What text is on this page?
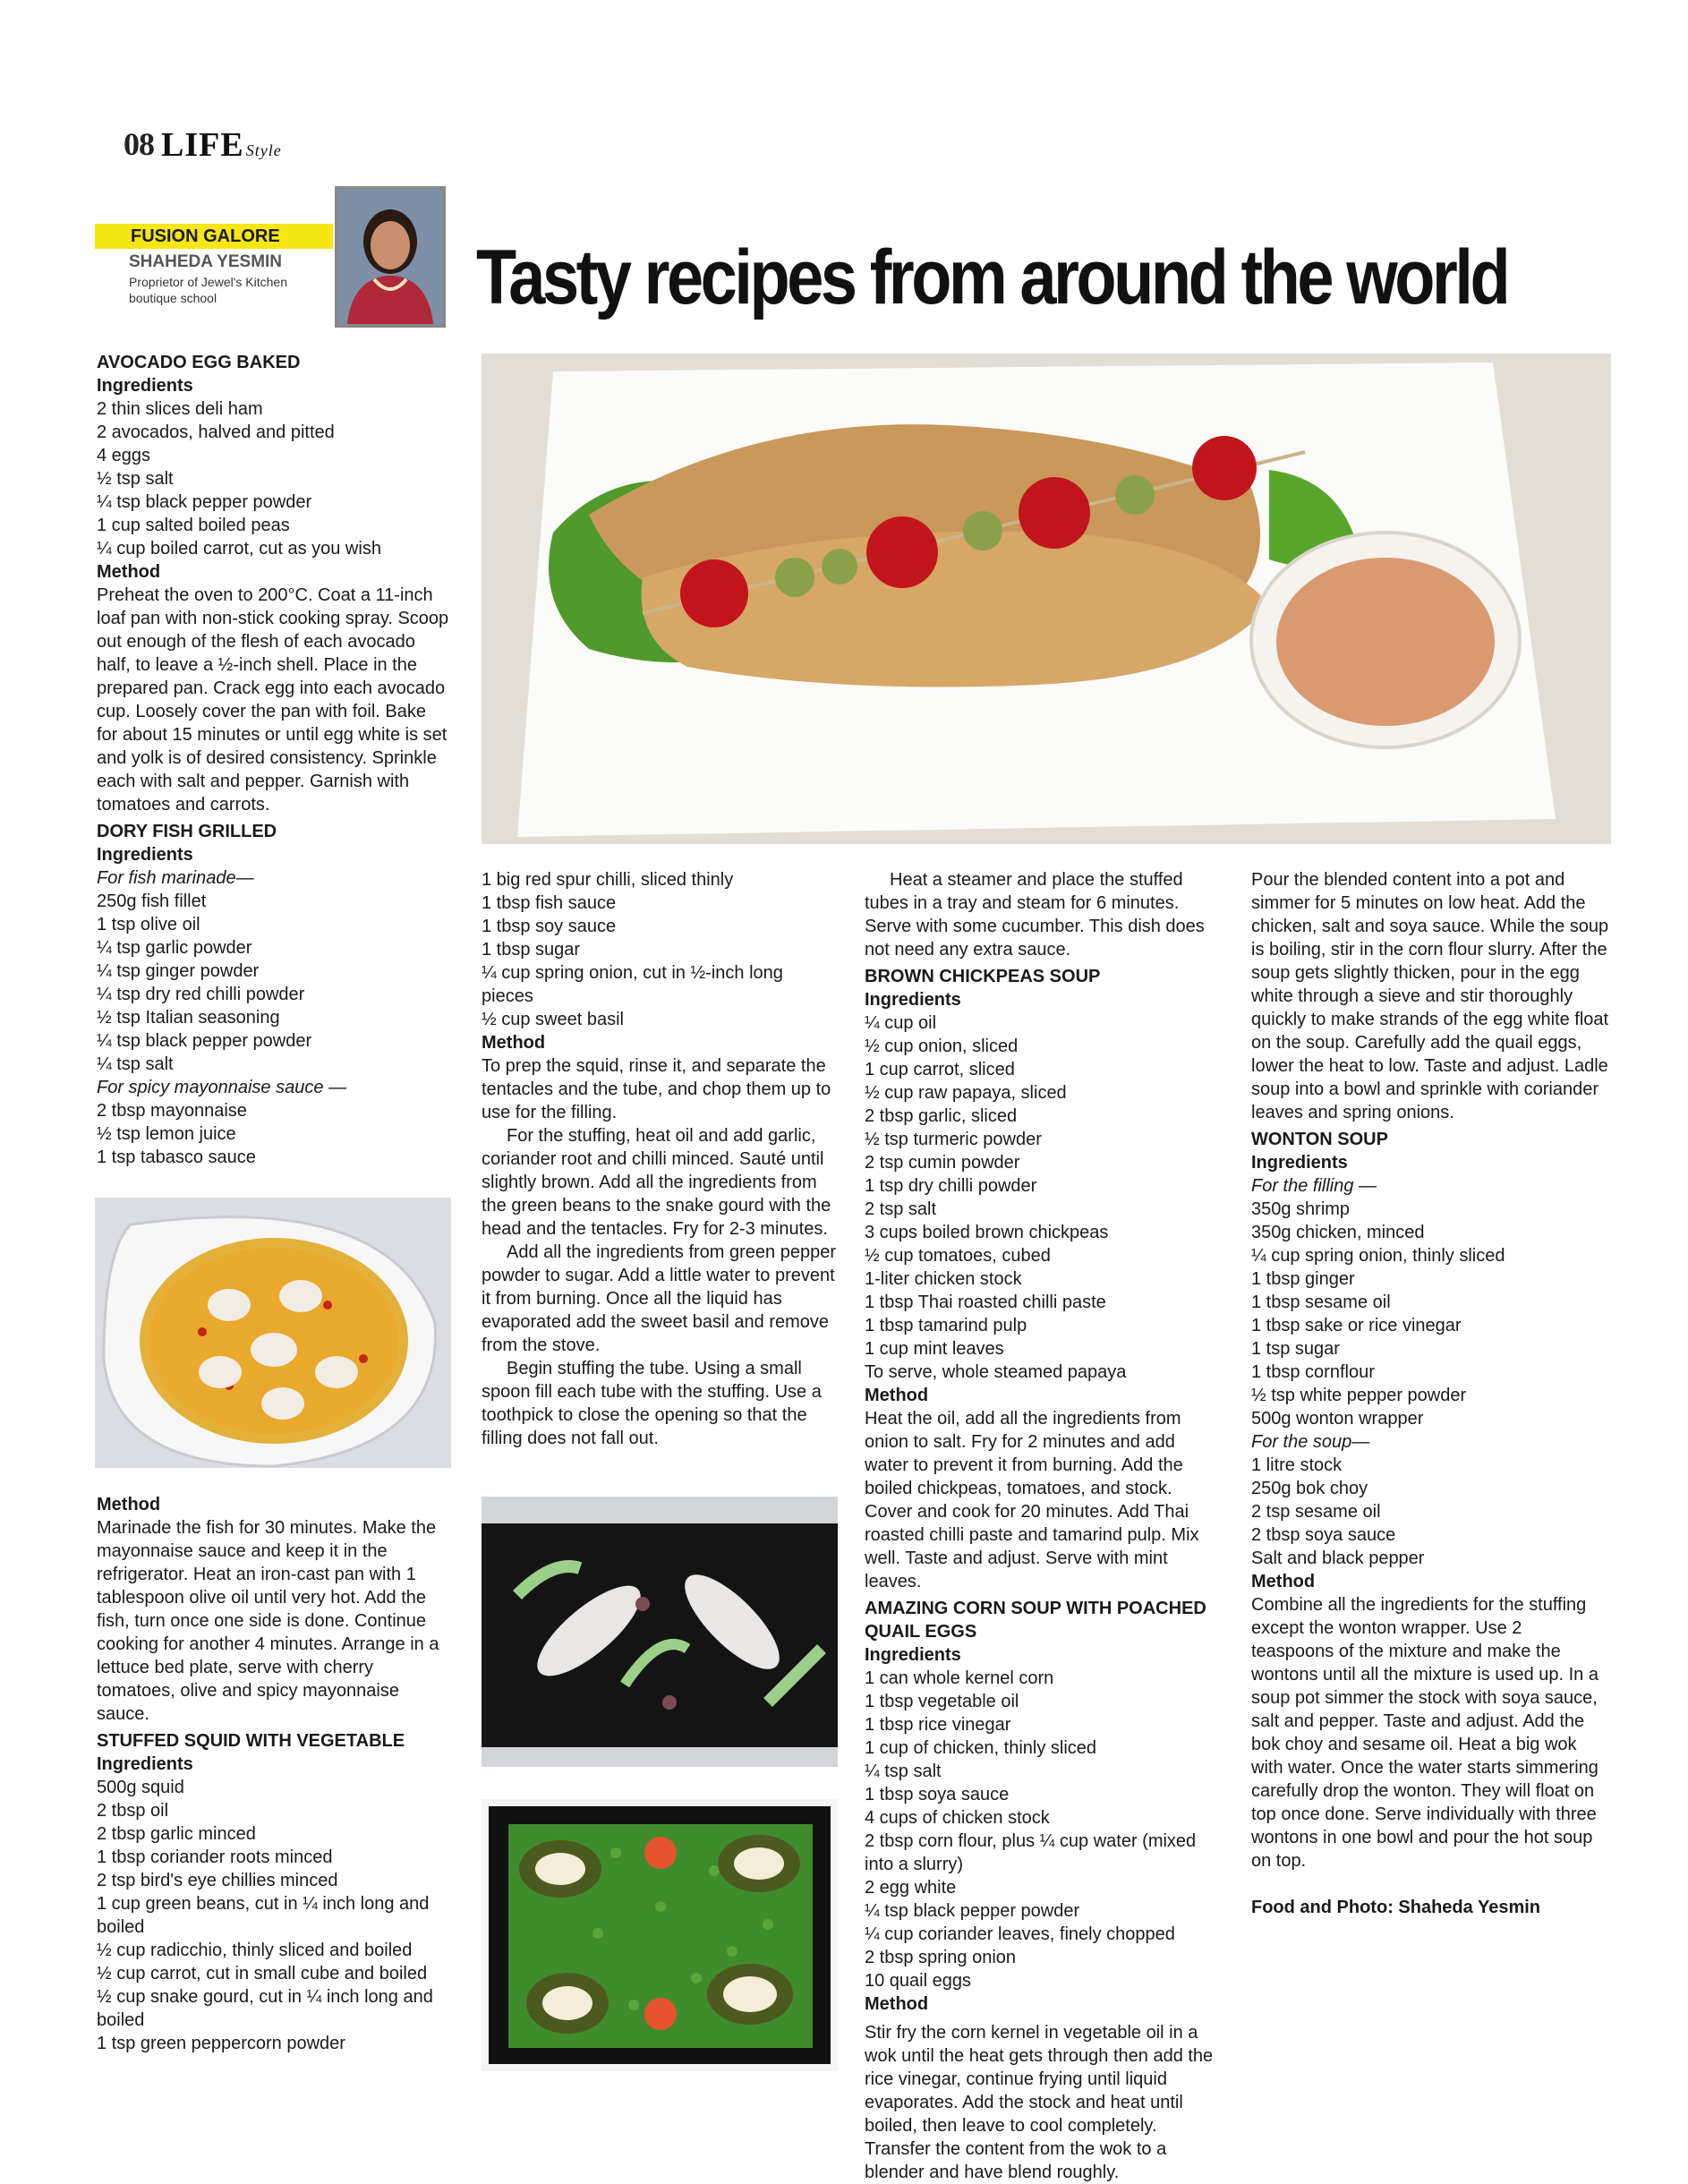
08 LIFE Style
FUSION GALORE
SHAHEDA YESMIN
Proprietor of Jewel's Kitchen boutique school	Tasty recipes from around the world
AVOCADO EGG BAKED
Ingredients
2 thin slices deli ham
2 avocados, halved and pitted
4 eggs
½ tsp salt
¼ tsp black pepper powder
1 cup salted boiled peas
¼ cup boiled carrot, cut as you wish
Method

Preheat the oven to 200°C. Coat a 11-inch loaf pan with non-stick cooking spray. Scoop out enough of the flesh of each avocado half, to leave a ½-inch shell. Place in the prepared pan. Crack egg into each avocado cup. Loosely cover the pan with foil. Bake for about 15 minutes or until egg white is set and yolk is of desired consistency. Sprinkle each with salt and pepper. Garnish with tomatoes and carrots.

DORY FISH GRILLED
Ingredients
For fish marinade—
250g fish fillet
1 tsp olive oil
¼ tsp garlic powder
¼ tsp ginger powder
¼ tsp dry red chilli powder
½ tsp Italian seasoning
¼ tsp black pepper powder
¼ tsp salt
For spicy mayonnaise sauce —
2 tbsp mayonnaise
½ tsp lemon juice
1 tsp tabasco sauce
Method

Marinade the fish for 30 minutes. Make the mayonnaise sauce and keep it in the refrigerator. Heat an iron-cast pan with 1 tablespoon olive oil until very hot. Add the fish, turn once one side is done. Continue cooking for another 4 minutes. Arrange in a lettuce bed plate, serve with cherry tomatoes, olive and spicy mayonnaise sauce.

STUFFED SQUID WITH VEGETABLE
Ingredients
500g squid
2 tbsp oil
2 tbsp garlic minced
1 tbsp coriander roots minced
2 tsp bird's eye chillies minced
1 cup green beans, cut in ¼ inch long and boiled
½ cup radicchio, thinly sliced and boiled
½ cup carrot, cut in small cube and boiled
½ cup snake gourd, cut in ¼ inch long and boiled
1 tsp green peppercorn powder
1 big red spur chilli, sliced thinly
1 tbsp fish sauce
1 tbsp soy sauce
1 tbsp sugar
¼ cup spring onion, cut in ½-inch long pieces
½ cup sweet basil
Method

To prep the squid, rinse it, and separate the tentacles and the tube, and chop them up to use for the filling.

For the stuffing, heat oil and add garlic, coriander root and chilli minced. Sauté until slightly brown. Add all the ingredients from the green beans to the snake gourd with the head and the tentacles. Fry for 2-3 minutes.

Add all the ingredients from green pepper powder to sugar. Add a little water to prevent it from burning. Once all the liquid has evaporated add the sweet basil and remove from the stove.

Begin stuffing the tube. Using a small spoon fill each tube with the stuffing. Use a toothpick to close the opening so that the filling does not fall out.

Heat a steamer and place the stuffed tubes in a tray and steam for 6 minutes. Serve with some cucumber. This dish does not need any extra sauce.

BROWN CHICKPEAS SOUP
Ingredients
¼ cup oil
½ cup onion, sliced
1 cup carrot, sliced
½ cup raw papaya, sliced
2 tbsp garlic, sliced
½ tsp turmeric powder
2 tsp cumin powder
1 tsp dry chilli powder
2 tsp salt
3 cups boiled brown chickpeas
½ cup tomatoes, cubed
1-liter chicken stock
1 tbsp Thai roasted chilli paste
1 tbsp tamarind pulp
1 cup mint leaves
To serve, whole steamed papaya
Method

Heat the oil, add all the ingredients from onion to salt. Fry for 2 minutes and add water to prevent it from burning. Add the boiled chickpeas, tomatoes, and stock. Cover and cook for 20 minutes. Add Thai roasted chilli paste and tamarind pulp. Mix well. Taste and adjust. Serve with mint leaves.

AMAZING CORN SOUP WITH POACHED QUAIL EGGS
Ingredients
1 can whole kernel corn
1 tbsp vegetable oil
1 tbsp rice vinegar
1 cup of chicken, thinly sliced
¼ tsp salt
1 tbsp soya sauce
4 cups of chicken stock
2 tbsp corn flour, plus ¼ cup water (mixed into a slurry)
2 egg white
¼ tsp black pepper powder
¼ cup coriander leaves, finely chopped
2 tbsp spring onion
10 quail eggs
Method

Stir fry the corn kernel in vegetable oil in a wok until the heat gets through then add the rice vinegar, continue frying until liquid evaporates. Add the stock and heat until boiled, then leave to cool completely. Transfer the content from the wok to a blender and have blend roughly.

Pour the blended content into a pot and simmer for 5 minutes on low heat. Add the chicken, salt and soya sauce. While the soup is boiling, stir in the corn flour slurry. After the soup gets slightly thicken, pour in the egg white through a sieve and stir thoroughly quickly to make strands of the egg white float on the soup. Carefully add the quail eggs, lower the heat to low. Taste and adjust. Ladle soup into a bowl and sprinkle with coriander leaves and spring onions.

WONTON SOUP
Ingredients
For the filling —
350g shrimp
350g chicken, minced
¼ cup spring onion, thinly sliced
1 tbsp ginger
1 tbsp sesame oil
1 tbsp sake or rice vinegar
1 tsp sugar
1 tbsp cornflour
½ tsp white pepper powder
500g wonton wrapper
For the soup—
1 litre stock
250g bok choy
2 tsp sesame oil
2 tbsp soya sauce
Salt and black pepper
Method

Combine all the ingredients for the stuffing except the wonton wrapper. Use 2 teaspoons of the mixture and make the wontons until all the mixture is used up. In a soup pot simmer the stock with soya sauce, salt and pepper. Taste and adjust. Add the bok choy and sesame oil. Heat a big wok with water. Once the water starts simmering carefully drop the wonton. They will float on top once done. Serve individually with three wontons in one bowl and pour the hot soup on top.

Food and Photo: Shaheda Yesmin
